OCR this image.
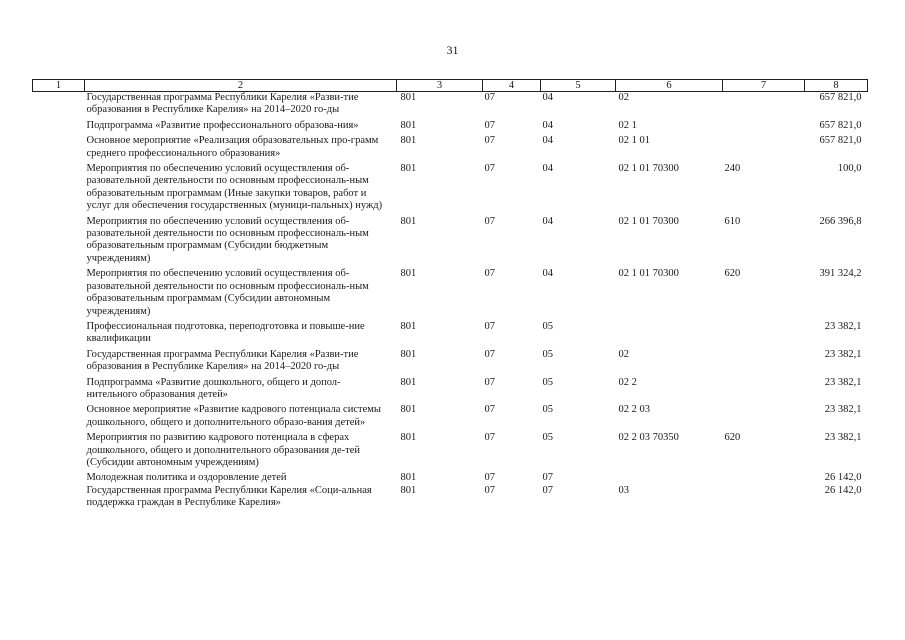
31
1	2	3	4	5	6	7	8
	Государственная программа Республики Карелия «Разви-тие образования в Республике Карелия» на 2014–2020 го-ды	801	07	04	02		657 821,0
	Подпрограмма «Развитие профессионального образова-ния»	801	07	04	02 1		657 821,0
	Основное мероприятие «Реализация образовательных про-грамм среднего профессионального образования»	801	07	04	02 1 01		657 821,0
	Мероприятия по обеспечению условий осуществления об-разовательной деятельности по основным профессиональ-ным образовательным программам (Иные закупки товаров, работ и услуг для обеспечения государственных (муници-пальных) нужд)	801	07	04	02 1 01 70300	240	100,0
	Мероприятия по обеспечению условий осуществления об-разовательной деятельности по основным профессиональ-ным образовательным программам (Субсидии бюджетным учреждениям)	801	07	04	02 1 01 70300	610	266 396,8
	Мероприятия по обеспечению условий осуществления об-разовательной деятельности по основным профессиональ-ным образовательным программам (Субсидии автономным учреждениям)	801	07	04	02 1 01 70300	620	391 324,2
	Профессиональная подготовка, переподготовка и повыше-ние квалификации	801	07	05			23 382,1
	Государственная программа Республики Карелия «Разви-тие образования в Республике Карелия» на 2014–2020 го-ды	801	07	05	02		23 382,1
	Подпрограмма «Развитие дошкольного, общего и допол-нительного образования детей»	801	07	05	02 2		23 382,1
	Основное мероприятие «Развитие кадрового потенциала системы дошкольного, общего и дополнительного образо-вания детей»	801	07	05	02 2 03		23 382,1
	Мероприятия по развитию кадрового потенциала в сферах дошкольного, общего и дополнительного образования де-тей (Субсидии автономным учреждениям)	801	07	05	02 2 03 70350	620	23 382,1
	Молодежная политика и оздоровление детей	801	07	07			26 142,0
	Государственная программа Республики Карелия «Соци-альная поддержка граждан в Республике Карелия»	801	07	07	03		26 142,0
